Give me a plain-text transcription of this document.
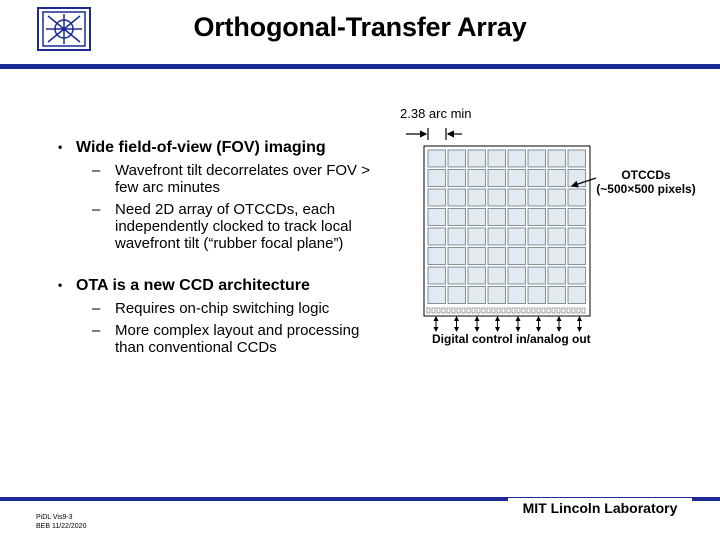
Orthogonal-Transfer Array
• Wide field-of-view (FOV) imaging
– Wavefront tilt decorrelates over FOV > few arc minutes
– Need 2D array of OTCCDs, each independently clocked to track local wavefront tilt (“rubber focal plane”)
• OTA is a new CCD architecture
– Requires on-chip switching logic
– More complex layout and processing than conventional CCDs
2.38 arc min
OTCCDs
(~500×500 pixels)
Digital control in/analog out
PiDL Vis9-3
BEB 11/22/2020
MIT Lincoln Laboratory
